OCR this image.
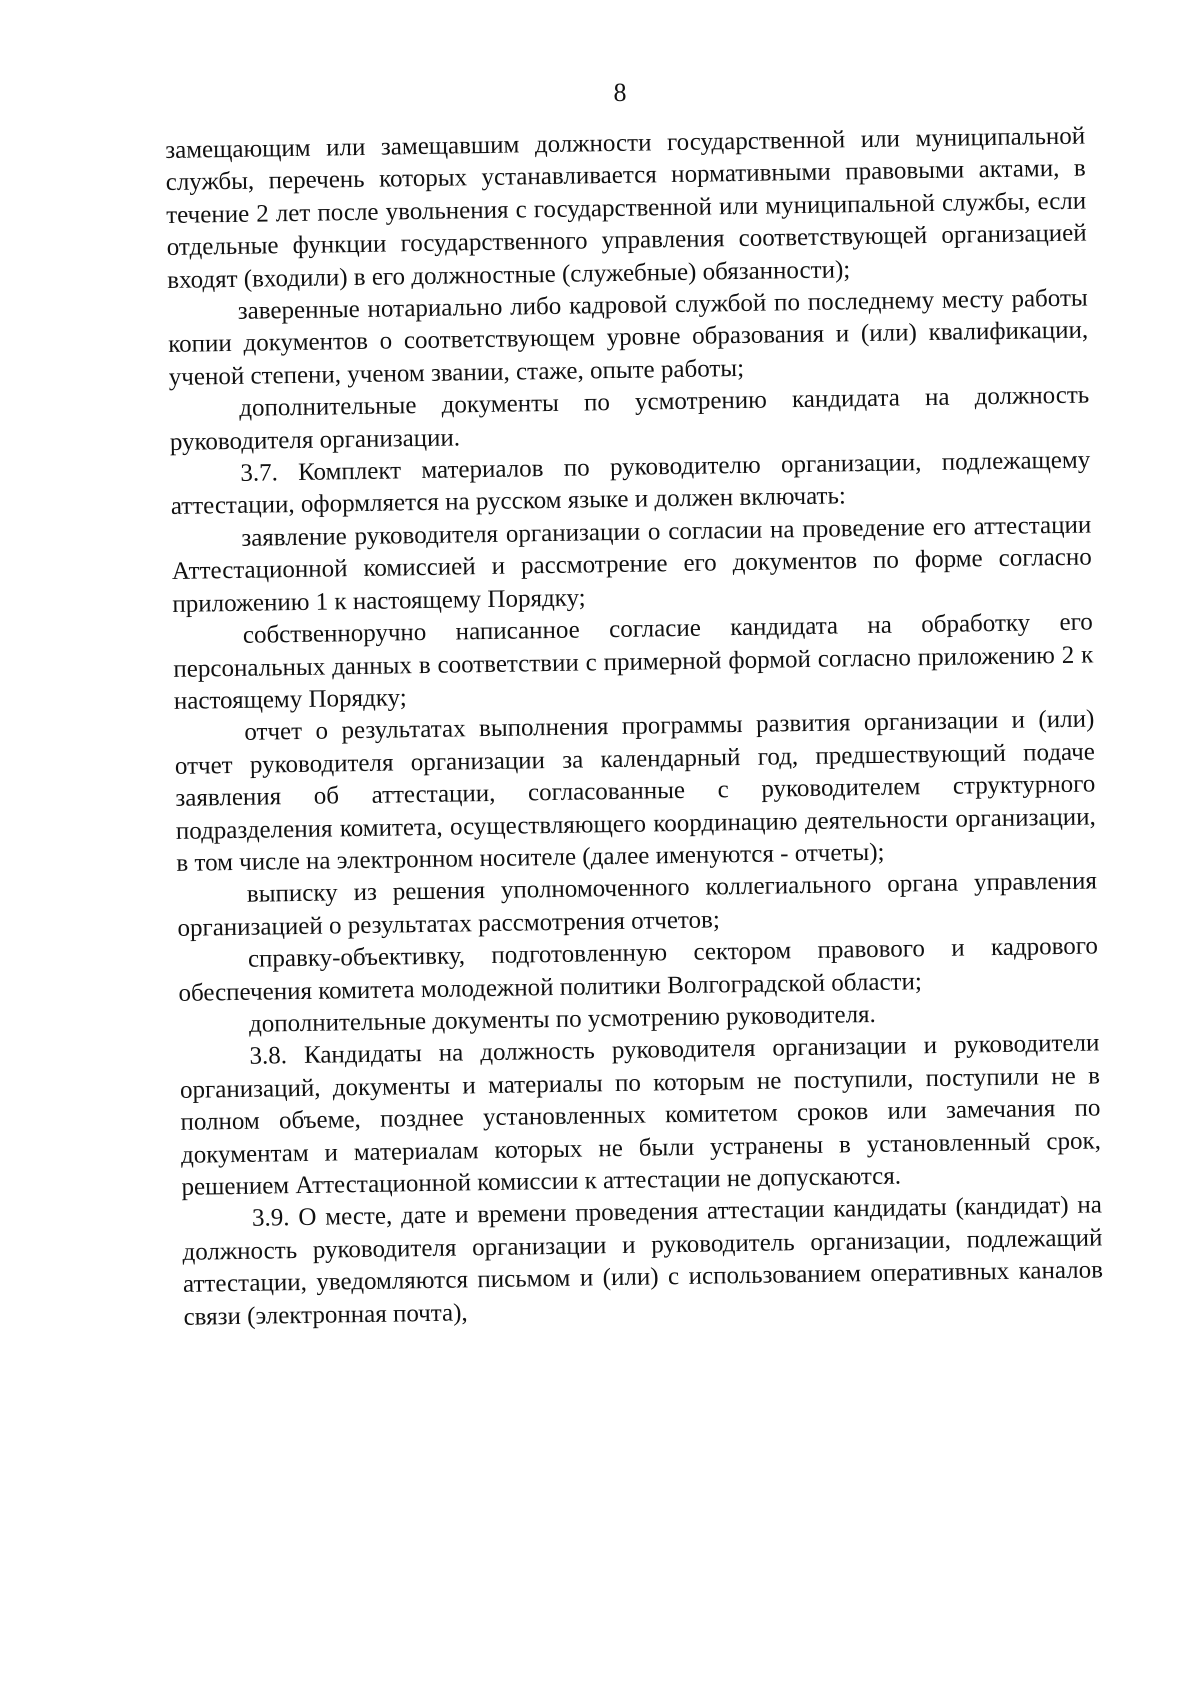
8

замещающим или замещавшим должности государственной или муниципальной службы, перечень которых устанавливается нормативными правовыми актами, в течение 2 лет после увольнения с государственной или муниципальной службы, если отдельные функции государственного управления соответствующей организацией входят (входили) в его должностные (служебные) обязанности);

заверенные нотариально либо кадровой службой по последнему месту работы копии документов о соответствующем уровне образования и (или) квалификации, ученой степени, ученом звании, стаже, опыте работы;

дополнительные документы по усмотрению кандидата на должность руководителя организации.

3.7. Комплект материалов по руководителю организации, подлежащему аттестации, оформляется на русском языке и должен включать:

заявление руководителя организации о согласии на проведение его аттестации Аттестационной комиссией и рассмотрение его документов по форме согласно приложению 1 к настоящему Порядку;

собственноручно написанное согласие кандидата на обработку его персональных данных в соответствии с примерной формой согласно приложению 2 к настоящему Порядку;

отчет о результатах выполнения программы развития организации и (или) отчет руководителя организации за календарный год, предшествующий подаче заявления об аттестации, согласованные с руководителем структурного подразделения комитета, осуществляющего координацию деятельности организации, в том числе на электронном носителе (далее именуются - отчеты);

выписку из решения уполномоченного коллегиального органа управления организацией о результатах рассмотрения отчетов;

справку-объективку, подготовленную сектором правового и кадрового обеспечения комитета молодежной политики Волгоградской области;

дополнительные документы по усмотрению руководителя.

3.8. Кандидаты на должность руководителя организации и руководители организаций, документы и материалы по которым не поступили, поступили не в полном объеме, позднее установленных комитетом сроков или замечания по документам и материалам которых не были устранены в установленный срок, решением Аттестационной комиссии к аттестации не допускаются.

3.9. О месте, дате и времени проведения аттестации кандидаты (кандидат) на должность руководителя организации и руководитель организации, подлежащий аттестации, уведомляются письмом и (или) с использованием оперативных каналов связи (электронная почта),
